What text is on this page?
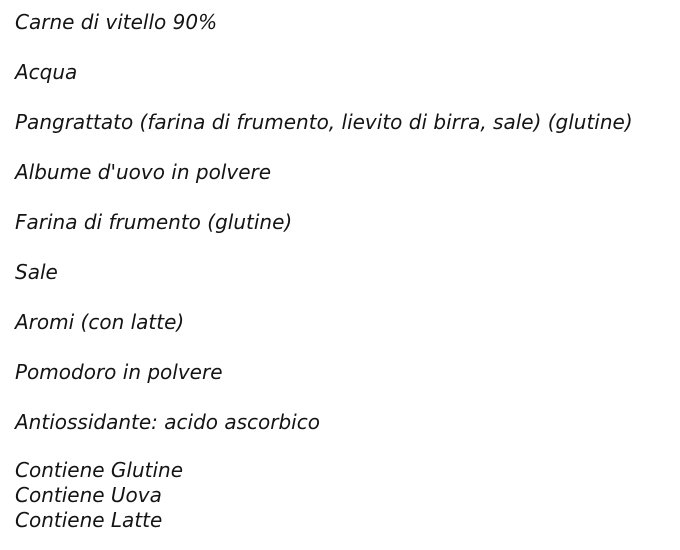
Carne di vitello 90%
Acqua
Pangrattato (farina di frumento, lievito di birra, sale) (glutine)
Albume d'uovo in polvere
Farina di frumento (glutine)
Sale
Aromi (con latte)
Pomodoro in polvere
Antiossidante: acido ascorbico
Contiene Glutine
Contiene Uova
Contiene Latte
